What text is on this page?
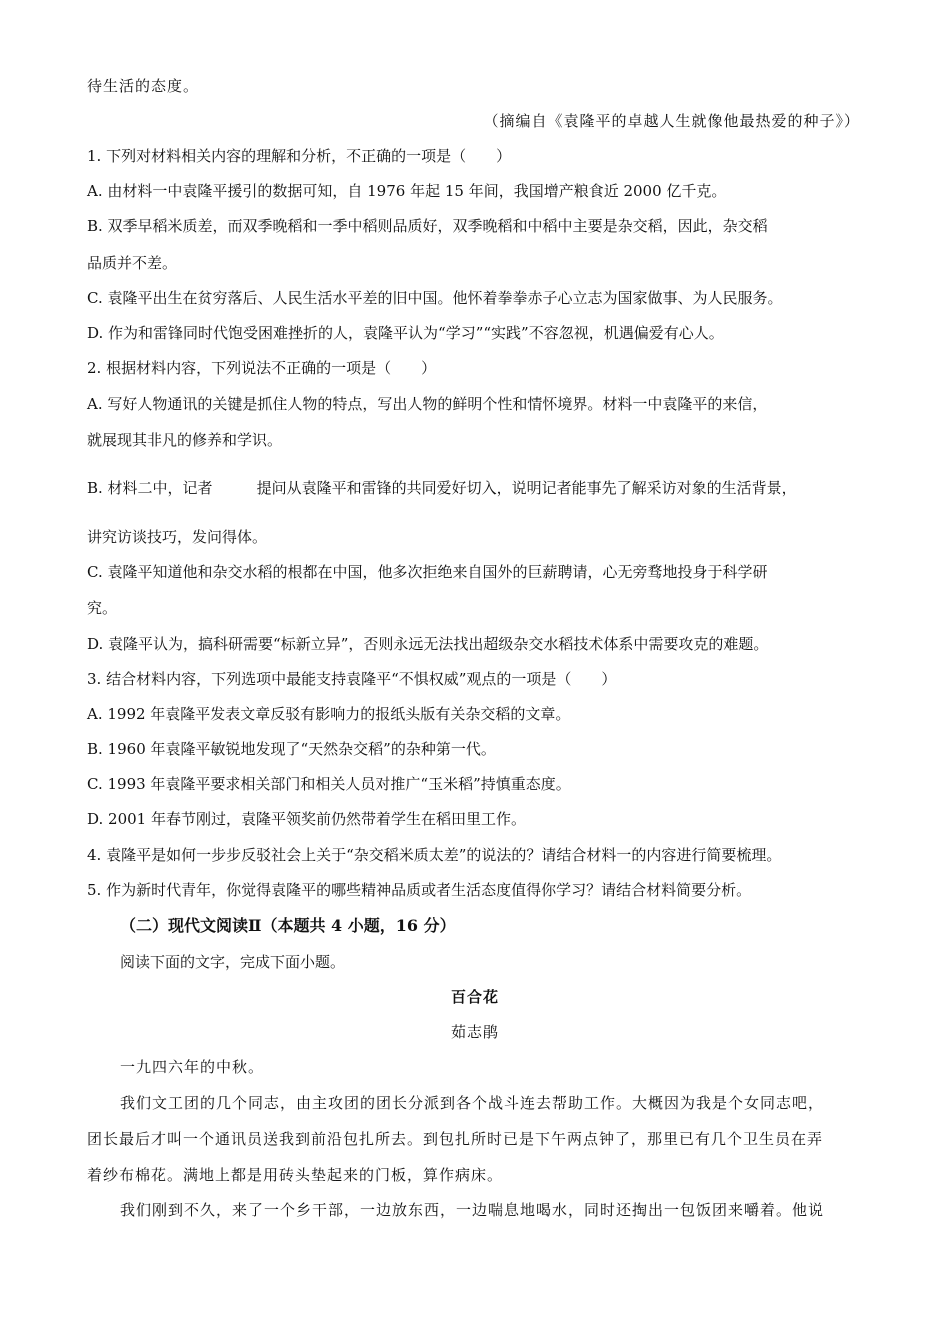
待生活的态度。
（摘编自《袁隆平的卓越人生就像他最热爱的种子》）
1. 下列对材料相关内容的理解和分析，不正确的一项是（　　）
A. 由材料一中袁隆平援引的数据可知，自 1976 年起 15 年间，我国增产粮食近 2000 亿千克。
B. 双季早稻米质差，而双季晚稻和一季中稻则品质好，双季晚稻和中稻中主要是杂交稻，因此，杂交稻
品质并不差。
C. 袁隆平出生在贫穷落后、人民生活水平差的旧中国。他怀着拳拳赤子心立志为国家做事、为人民服务。
D. 作为和雷锋同时代饱受困难挫折的人，袁隆平认为“学习”“实践”不容忽视，机遇偏爱有心人。
2. 根据材料内容，下列说法不正确的一项是（　　）
A. 写好人物通讯的关键是抓住人物的特点，写出人物的鲜明个性和情怀境界。材料一中袁隆平的来信，
就展现其非凡的修养和学识。
B. 材料二中，记者	提问从袁隆平和雷锋的共同爱好切入，说明记者能事先了解采访对象的生活背景，
讲究访谈技巧，发问得体。
C. 袁隆平知道他和杂交水稻的根都在中国，他多次拒绝来自国外的巨薪聘请，心无旁骛地投身于科学研
究。
D. 袁隆平认为，搞科研需要“标新立异”，否则永远无法找出超级杂交水稻技术体系中需要攻克的难题。
3. 结合材料内容，下列选项中最能支持袁隆平“不惧权威”观点的一项是（　　）
A. 1992 年袁隆平发表文章反驳有影响力的报纸头版有关杂交稻的文章。
B. 1960 年袁隆平敏锐地发现了“天然杂交稻”的杂种第一代。
C. 1993 年袁隆平要求相关部门和相关人员对推广“玉米稻”持慎重态度。
D. 2001 年春节刚过，袁隆平领奖前仍然带着学生在稻田里工作。
4. 袁隆平是如何一步步反驳社会上关于“杂交稻米质太差”的说法的？请结合材料一的内容进行简要梳理。
5. 作为新时代青年，你觉得袁隆平的哪些精神品质或者生活态度值得你学习？请结合材料简要分析。
（二）现代文阅读Ⅱ（本题共 4 小题，16 分）
阅读下面的文字，完成下面小题。
百合花
茹志鹃
一九四六年的中秋。
我们文工团的几个同志，由主攻团的团长分派到各个战斗连去帮助工作。大概因为我是个女同志吧，
团长最后才叫一个通讯员送我到前沿包扎所去。到包扎所时已是下午两点钟了，那里已有几个卫生员在弄
着纱布棉花。满地上都是用砖头垫起来的门板，算作病床。
我们刚到不久，来了一个乡干部，一边放东西，一边喘息地喝水，同时还掏出一包饭团来嚼着。他说
